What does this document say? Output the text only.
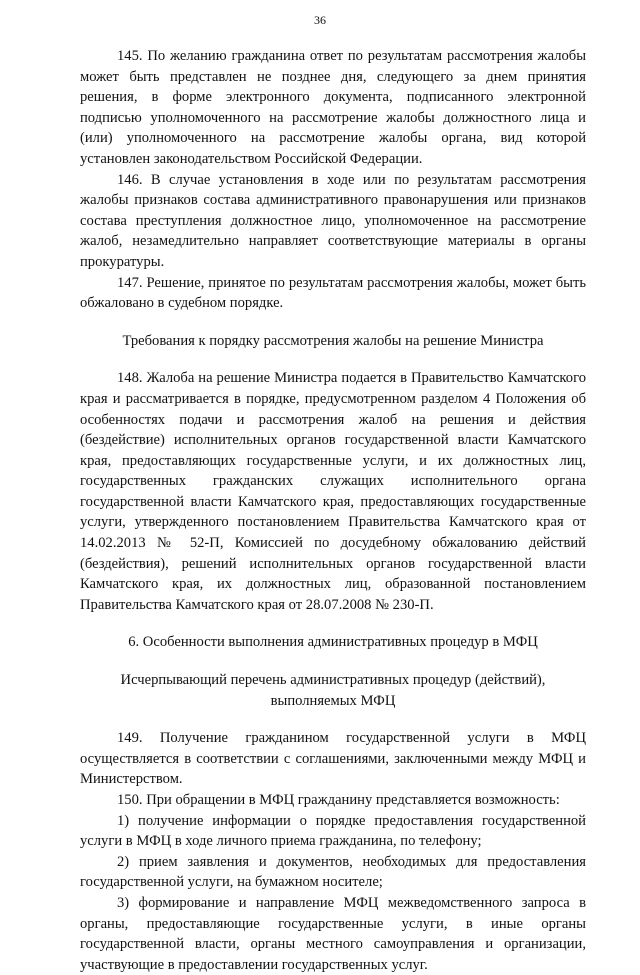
36

145. По желанию гражданина ответ по результатам рассмотрения жалобы может быть представлен не позднее дня, следующего за днем принятия решения, в форме электронного документа, подписанного электронной подписью уполномоченного на рассмотрение жалобы должностного лица и (или) уполномоченного на рассмотрение жалобы органа, вид которой установлен законодательством Российской Федерации.

146. В случае установления в ходе или по результатам рассмотрения жалобы признаков состава административного правонарушения или признаков состава преступления должностное лицо, уполномоченное на рассмотрение жалоб, незамедлительно направляет соответствующие материалы в органы прокуратуры.

147. Решение, принятое по результатам рассмотрения жалобы, может быть обжаловано в судебном порядке.

Требования к порядку рассмотрения жалобы на решение Министра

148. Жалоба на решение Министра подается в Правительство Камчатского края и рассматривается в порядке, предусмотренном разделом 4 Положения об особенностях подачи и рассмотрения жалоб на решения и действия (бездействие) исполнительных органов государственной власти Камчатского края, предоставляющих государственные услуги, и их должностных лиц, государственных гражданских служащих исполнительного органа государственной власти Камчатского края, предоставляющих государственные услуги, утвержденного постановлением Правительства Камчатского края от 14.02.2013 № 52-П, Комиссией по досудебному обжалованию действий (бездействия), решений исполнительных органов государственной власти Камчатского края, их должностных лиц, образованной постановлением Правительства Камчатского края от 28.07.2008 № 230-П.

6. Особенности выполнения административных процедур в МФЦ

Исчерпывающий перечень административных процедур (действий), выполняемых МФЦ

149. Получение гражданином государственной услуги в МФЦ осуществляется в соответствии с соглашениями, заключенными между МФЦ и Министерством.

150. При обращении в МФЦ гражданину представляется возможность:

1) получение информации о порядке предоставления государственной услуги в МФЦ в ходе личного приема гражданина, по телефону;

2) прием заявления и документов, необходимых для предоставления государственной услуги, на бумажном носителе;

3) формирование и направление МФЦ межведомственного запроса в органы, предоставляющие государственные услуги, в иные органы государственной власти, органы местного самоуправления и организации, участвующие в предоставлении государственных услуг.
